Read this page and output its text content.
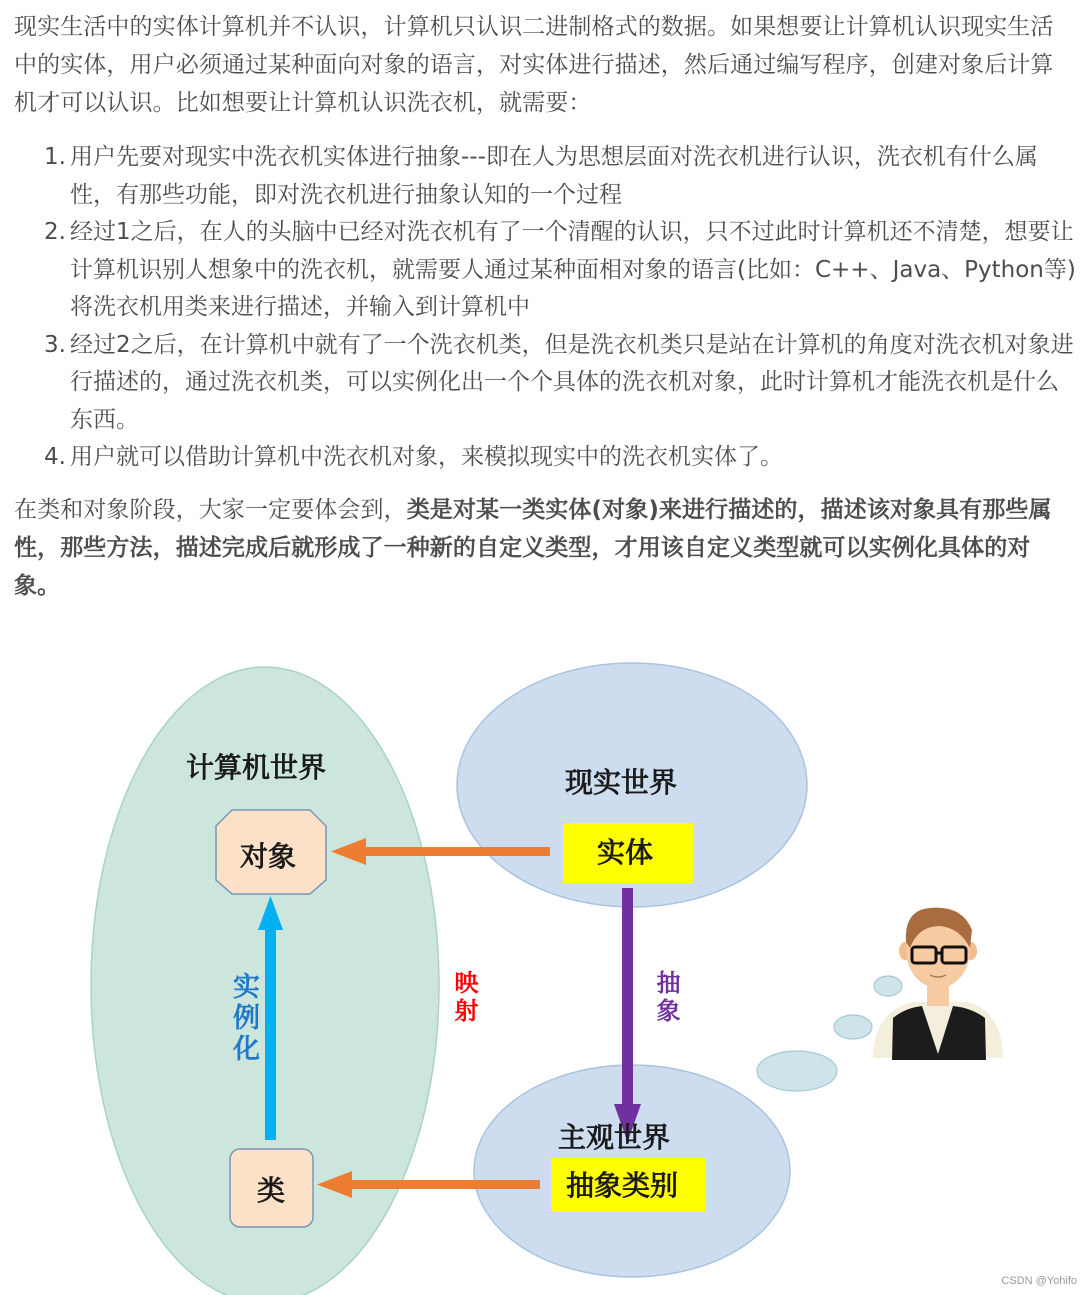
现实生活中的实体计算机并不认识，计算机只认识二进制格式的数据。如果想要让计算机认识现实生活中的实体，用户必须通过某种面向对象的语言，对实体进行描述，然后通过编写程序，创建对象后计算机才可以认识。比如想要让计算机认识洗衣机，就需要：

1. 用户先要对现实中洗衣机实体进行抽象---即在人为思想层面对洗衣机进行认识，洗衣机有什么属性，有那些功能，即对洗衣机进行抽象认知的一个过程
2. 经过1之后，在人的头脑中已经对洗衣机有了一个清醒的认识，只不过此时计算机还不清楚，想要让计算机识别人想象中的洗衣机，就需要人通过某种面相对象的语言(比如：C++、Java、Python等)将洗衣机用类来进行描述，并输入到计算机中
3. 经过2之后，在计算机中就有了一个洗衣机类，但是洗衣机类只是站在计算机的角度对洗衣机对象进行描述的，通过洗衣机类，可以实例化出一个个具体的洗衣机对象，此时计算机才能洗衣机是什么东西。
4. 用户就可以借助计算机中洗衣机对象，来模拟现实中的洗衣机实体了。

在类和对象阶段，大家一定要体会到，类是对某一类实体(对象)来进行描述的，描述该对象具有那些属性，那些方法，描述完成后就形成了一种新的自定义类型，才用该自定义类型就可以实例化具体的对象。

计算机世界	现实世界
主观世界
对象	实体
类	抽象类别
实例化	映射	抽象
CSDN @Yohifo
